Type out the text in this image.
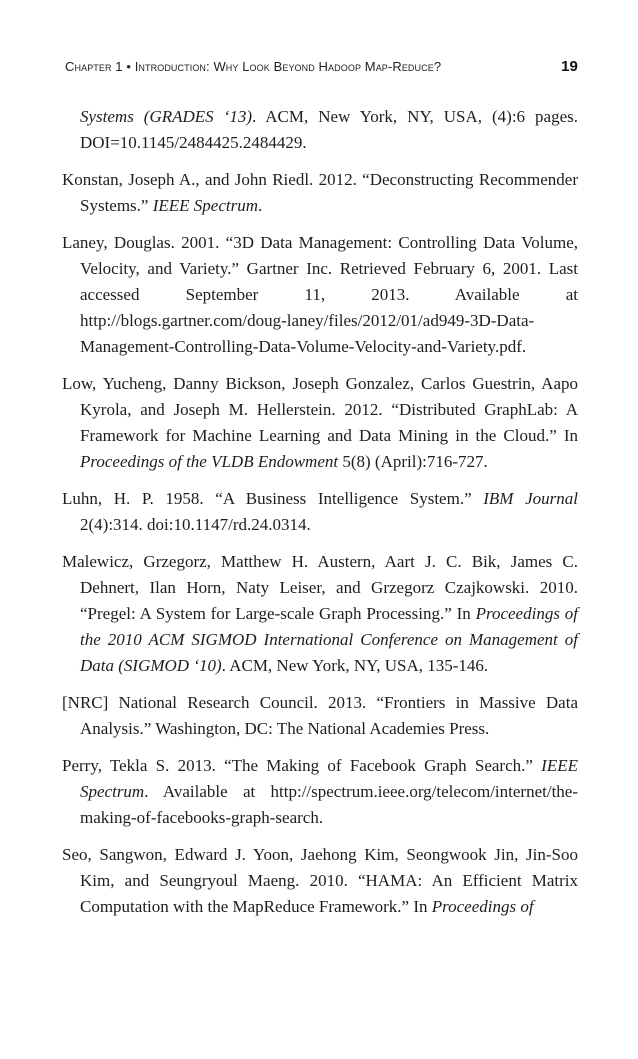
Chapter 1 • Introduction: Why Look Beyond Hadoop Map-Reduce?	19

Systems (GRADES ‘13). ACM, New York, NY, USA, (4):6 pages. DOI=10.1145/2484425.2484429.

Konstan, Joseph A., and John Riedl. 2012. “Deconstructing Recommender Systems.” IEEE Spectrum.

Laney, Douglas. 2001. “3D Data Management: Controlling Data Volume, Velocity, and Variety.” Gartner Inc. Retrieved February 6, 2001. Last accessed September 11, 2013. Available at http://blogs.gartner.com/doug-laney/files/2012/01/ad949-3D-Data-Management-Controlling-Data-Volume-Velocity-and-Variety.pdf.

Low, Yucheng, Danny Bickson, Joseph Gonzalez, Carlos Guestrin, Aapo Kyrola, and Joseph M. Hellerstein. 2012. “Distributed GraphLab: A Framework for Machine Learning and Data Mining in the Cloud.” In Proceedings of the VLDB Endowment 5(8) (April):716-727.

Luhn, H. P. 1958. “A Business Intelligence System.” IBM Journal 2(4):314. doi:10.1147/rd.24.0314.

Malewicz, Grzegorz, Matthew H. Austern, Aart J. C. Bik, James C. Dehnert, Ilan Horn, Naty Leiser, and Grzegorz Czajkowski. 2010. “Pregel: A System for Large-scale Graph Processing.” In Proceedings of the 2010 ACM SIGMOD International Conference on Management of Data (SIGMOD ‘10). ACM, New York, NY, USA, 135-146.

[NRC] National Research Council. 2013. “Frontiers in Massive Data Analysis.” Washington, DC: The National Academies Press.

Perry, Tekla S. 2013. “The Making of Facebook Graph Search.” IEEE Spectrum. Available at http://spectrum.ieee.org/telecom/internet/the-making-of-facebooks-graph-search.

Seo, Sangwon, Edward J. Yoon, Jaehong Kim, Seongwook Jin, Jin-Soo Kim, and Seungryoul Maeng. 2010. “HAMA: An Efficient Matrix Computation with the MapReduce Framework.” In Proceedings of
